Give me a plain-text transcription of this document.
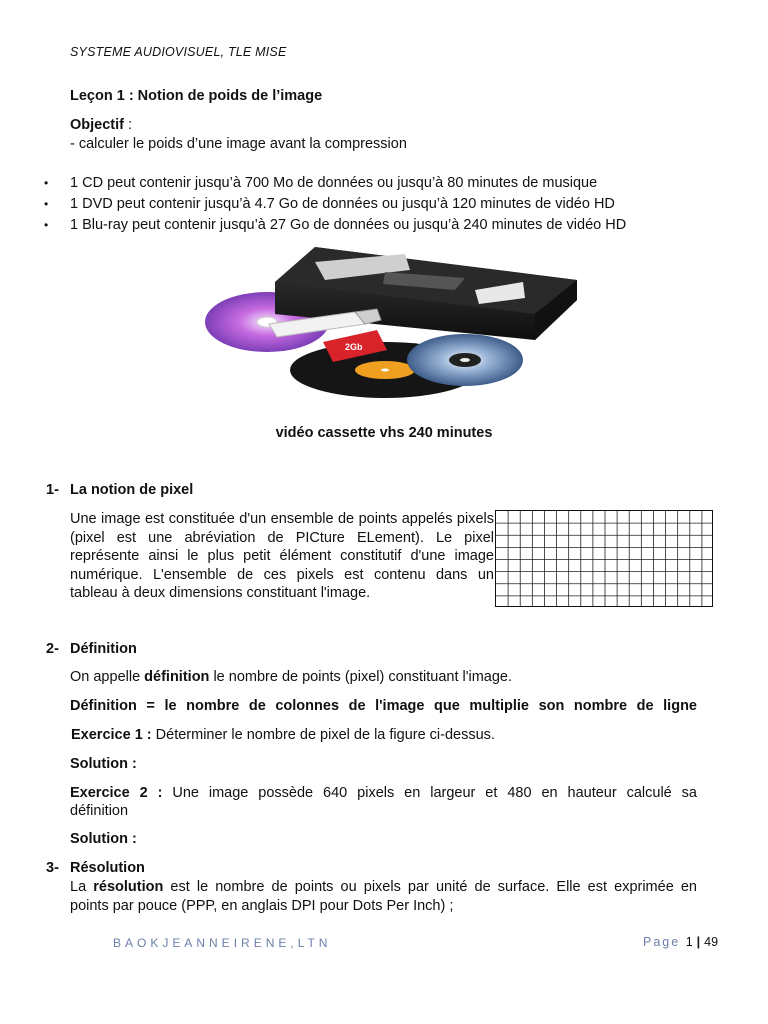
SYSTEME AUDIOVISUEL, TLE MISE
Leçon 1 : Notion de poids de l’image
Objectif :
- calculer le poids d’une image avant la compression
• 1 CD peut contenir jusqu’à 700 Mo de données ou jusqu’à 80 minutes de musique
• 1 DVD peut contenir jusqu’à 4.7 Go de données ou jusqu’à 120 minutes de vidéo HD
• 1 Blu-ray peut contenir jusqu’à 27 Go de données ou jusqu’à 240 minutes de vidéo HD
2Gb
vidéo cassette vhs 240 minutes
1- La notion de pixel
Une image est constituée d'un ensemble de points appelés pixels (pixel est une abréviation de PICture ELement). Le pixel représente ainsi le plus petit élément constitutif d'une image numérique. L'ensemble de ces pixels est contenu dans un tableau à deux dimensions constituant l'image.
2- Définition
On appelle définition le nombre de points (pixel) constituant l'image.
Définition = le nombre de colonnes de l'image que multiplie son nombre de ligne
Exercice 1 : Déterminer le nombre de pixel de la figure ci-dessus.
Solution :
Exercice 2 : Une image possède 640 pixels en largeur et 480 en hauteur calculé sa
définition
Solution :
3- Résolution
La résolution est le nombre de points ou pixels par unité de surface. Elle est exprimée en
points par pouce (PPP, en anglais DPI pour Dots Per Inch) ;
BAOKJEANNEIRENE,LTN	Page 1 | 49
